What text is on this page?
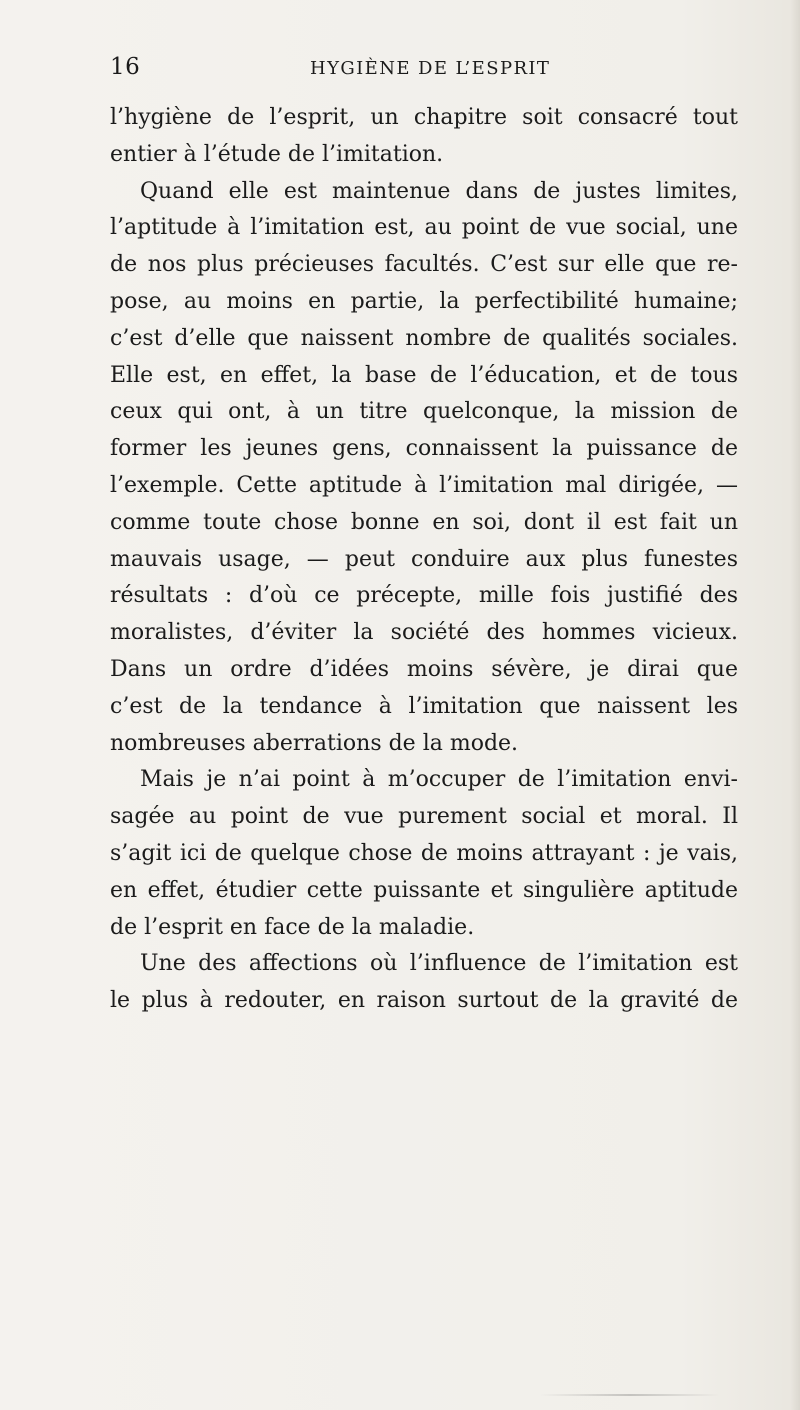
16	HYGIÈNE DE L’ESPRIT
l’hygiène de l’esprit, un chapitre soit consacré tout
entier à l’étude de l’imitation.
Quand elle est maintenue dans de justes limites,
l’aptitude à l’imitation est, au point de vue social, une
de nos plus précieuses facultés. C’est sur elle que re-
pose, au moins en partie, la perfectibilité humaine;
c’est d’elle que naissent nombre de qualités sociales.
Elle est, en effet, la base de l’éducation, et de tous
ceux qui ont, à un titre quelconque, la mission de
former les jeunes gens, connaissent la puissance de
l’exemple. Cette aptitude à l’imitation mal dirigée, —
comme toute chose bonne en soi, dont il est fait un
mauvais usage, — peut conduire aux plus funestes
résultats : d’où ce précepte, mille fois justifié des
moralistes, d’éviter la société des hommes vicieux.
Dans un ordre d’idées moins sévère, je dirai que
c’est de la tendance à l’imitation que naissent les
nombreuses aberrations de la mode.
Mais je n’ai point à m’occuper de l’imitation envi-
sagée au point de vue purement social et moral. Il
s’agit ici de quelque chose de moins attrayant : je vais,
en effet, étudier cette puissante et singulière aptitude
de l’esprit en face de la maladie.
Une des affections où l’influence de l’imitation est
le plus à redouter, en raison surtout de la gravité de
